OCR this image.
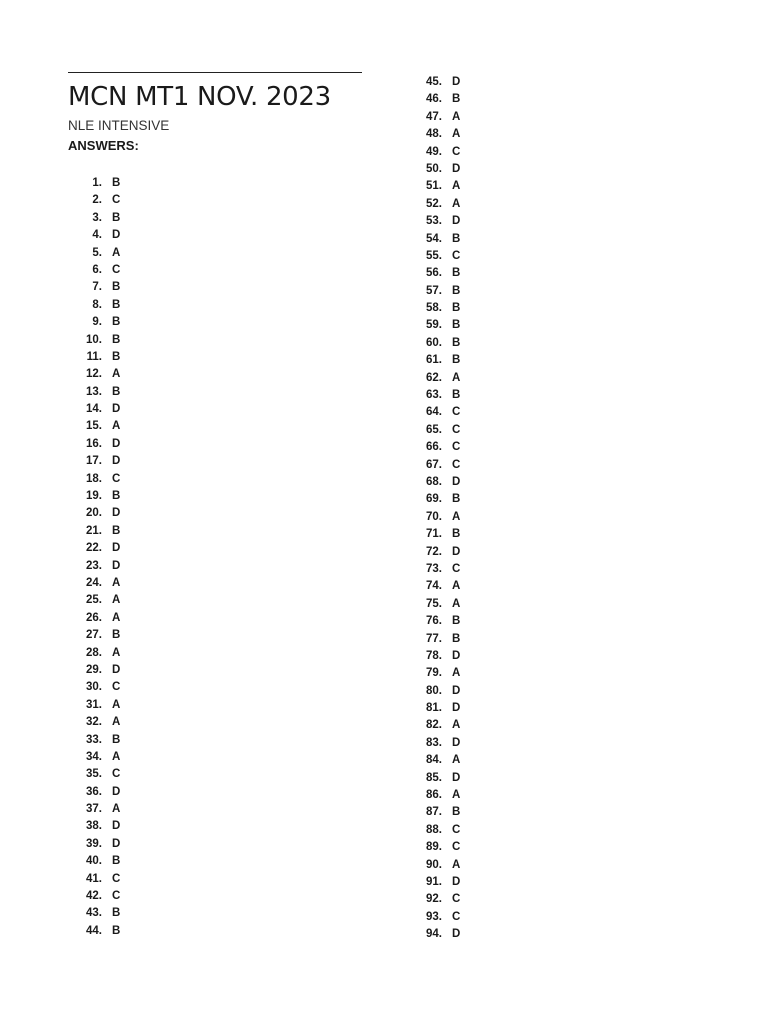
MCN MT1 NOV. 2023
NLE INTENSIVE
ANSWERS:
1. B
2. C
3. B
4. D
5. A
6. C
7. B
8. B
9. B
10. B
11. B
12. A
13. B
14. D
15. A
16. D
17. D
18. C
19. B
20. D
21. B
22. D
23. D
24. A
25. A
26. A
27. B
28. A
29. D
30. C
31. A
32. A
33. B
34. A
35. C
36. D
37. A
38. D
39. D
40. B
41. C
42. C
43. B
44. B
45. D
46. B
47. A
48. A
49. C
50. D
51. A
52. A
53. D
54. B
55. C
56. B
57. B
58. B
59. B
60. B
61. B
62. A
63. B
64. C
65. C
66. C
67. C
68. D
69. B
70. A
71. B
72. D
73. C
74. A
75. A
76. B
77. B
78. D
79. A
80. D
81. D
82. A
83. D
84. A
85. D
86. A
87. B
88. C
89. C
90. A
91. D
92. C
93. C
94. D
